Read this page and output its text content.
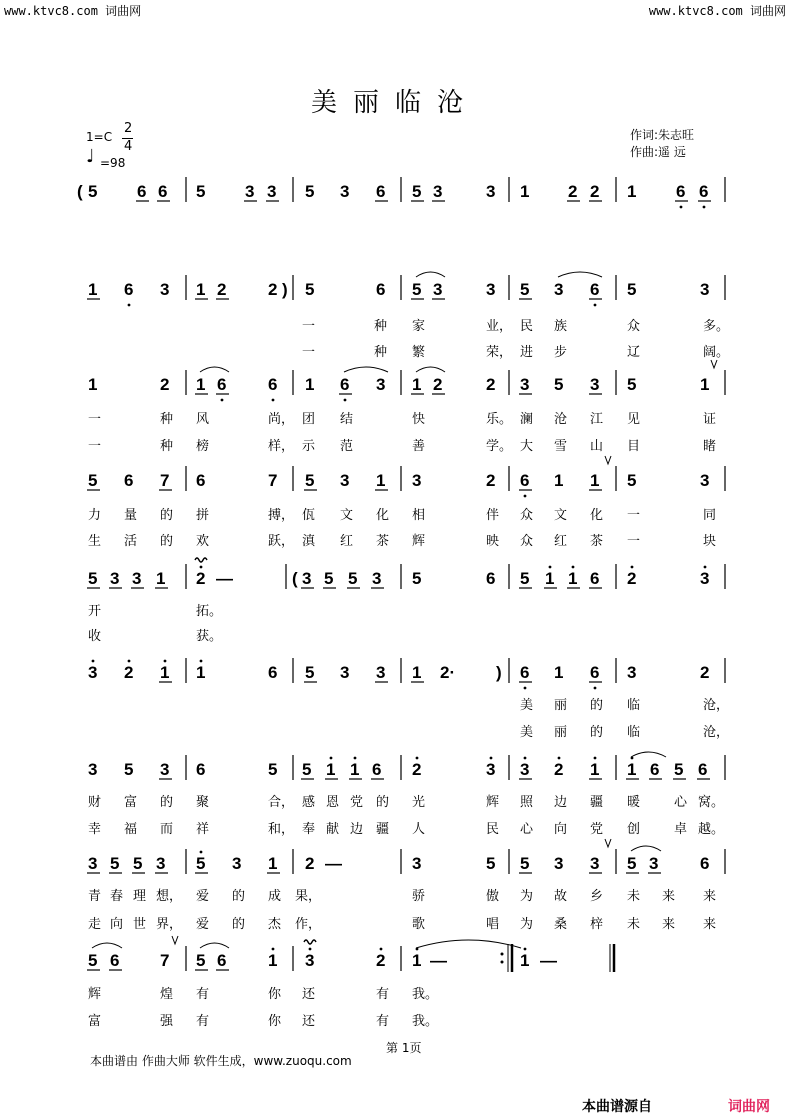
www.ktvc8.com 词曲网	www.ktvc8.com 词曲网
美丽临沧
1=C
2
4
♩ =98
作词:朱志旺
作曲:遥 远
( 5 6 6 5 3 3 5 3 6 5 3	3 1 2 2 1 6 6
1 6 3 1 2 2 ) 5	6 5 3	3 5 3 6 5	3
一	种 家	业， 民 族	众	多。
一	种 繁	荣， 进 步	辽	阔。
1	2 1 6 6 1 6 3 1 2	2 3 5 3 5	1
一	种 风	尚， 团 结	快	乐。 澜 沧 江 见	证
一	种 榜	样， 示 范	善	学。 大 雪 山 目	睹
5 6 7 6	7 5 3 1 3	2 6 1 1 5	3
力 量 的 拼	搏， 佤 文 化 相	伴 众 文 化 一	同
生 活 的 欢	跃， 滇 红 茶 辉	映 众 红 茶 一	块
5 3 3 1 2 —	( 3 5 5 3 5	6 5 1 1 6 2	3
开	拓。
收	获。
3 2 1 1	6 5 3 3 1 2· ) 6 1 6 3	2
美 丽 的 临	沧，
美 丽 的 临	沧，
3 5 3 6	5 5 1 1 6 2	3 3 2 1 1 6 5 6
财 富 的 聚	合， 感 恩 党 的 光	辉 照 边 疆 暖	心 窝。
幸 福 而 祥	和， 奉 献 边 疆 人	民 心 向 党 创	卓 越。
3 5 5 3 5 3 1 2 —	3	5 5 3 3 5 3 6
青 春 理 想， 爱 的 成 果，	骄	傲 为 故 乡 未 来 来
走 向 世 界， 爱 的 杰 作，	歌	唱 为 桑 梓 未 来 来
5 6 7 5 6 1 3	2 1 —	1 —
辉	煌 有	你 还	有 我。
富	强 有	你 还	有 我。
本曲谱由 作曲大师 软件生成，www.zuoqu.com
第 1页
本曲谱源自	词曲网
